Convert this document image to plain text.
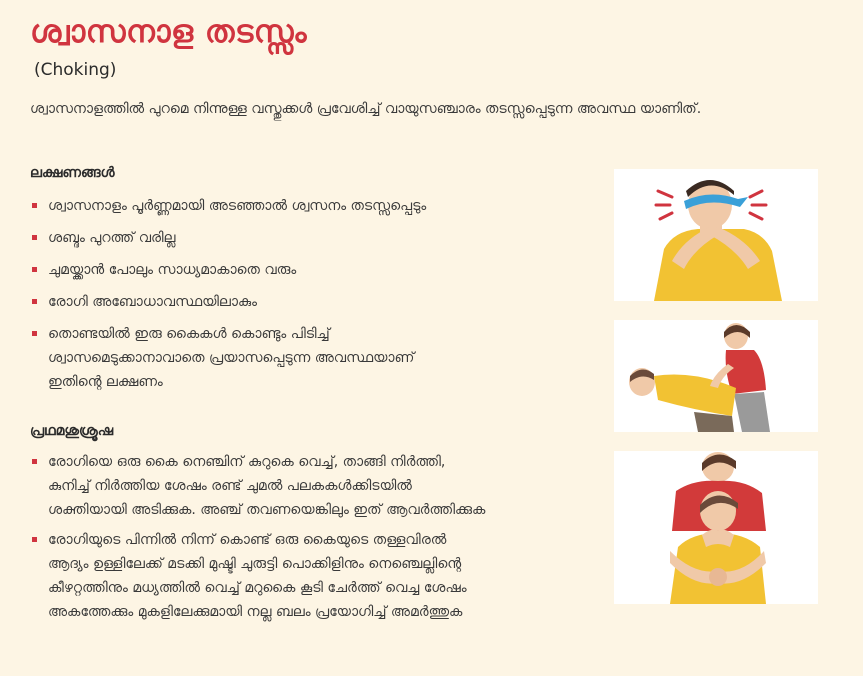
ശ്വാസനാള തടസ്സം
(Choking)
ശ്വാസനാളത്തിൽ പുറമെ നിന്നുള്ള വസ്തുക്കൾ പ്രവേശിച്ച് വായുസഞ്ചാരം തടസ്സപ്പെടുന്ന അവസ്ഥ യാണിത്.
ലക്ഷണങ്ങൾ
ശ്വാസനാളം പൂർണ്ണമായി അടഞ്ഞാൽ ശ്വസനം തടസ്സപ്പെടും
ശബ്ദം പുറത്ത് വരില്ല
ചുമയ്ക്കാൻ പോലും സാധ്യമാകാതെ വരും
രോഗി അബോധാവസ്ഥയിലാകും
തൊണ്ടയിൽ ഇരു കൈകൾ കൊണ്ടും പിടിച്ച്
ശ്വാസമെടുക്കാനാവാതെ പ്രയാസപ്പെടുന്ന അവസ്ഥയാണ്
ഇതിന്റെ ലക്ഷണം
പ്രഥമശുശ്രൂഷ
രോഗിയെ ഒരു കൈ നെഞ്ചിന് കുറുകെ വെച്ച്, താങ്ങി നിർത്തി,
കുനിച്ച് നിർത്തിയ ശേഷം രണ്ട് ചുമൽ പലകകൾക്കിടയിൽ
ശക്തിയായി അടിക്കുക. അഞ്ച് തവണയെങ്കിലും ഇത് ആവർത്തിക്കുക
രോഗിയുടെ പിന്നിൽ നിന്ന് കൊണ്ട് ഒരു കൈയുടെ തള്ളവിരൽ
ആദ്യം ഉള്ളിലേക്ക് മടക്കി മുഷ്ടി ചുരുട്ടി പൊക്കിളിനും നെഞ്ചെല്ലിന്റെ
കീഴറ്റത്തിനും മധ്യത്തിൽ വെച്ച് മറുകൈ കൂടി ചേർത്ത് വെച്ച ശേഷം
അകത്തേക്കും മുകളിലേക്കുമായി നല്ല ബലം പ്രയോഗിച്ച് അമർത്തുക
